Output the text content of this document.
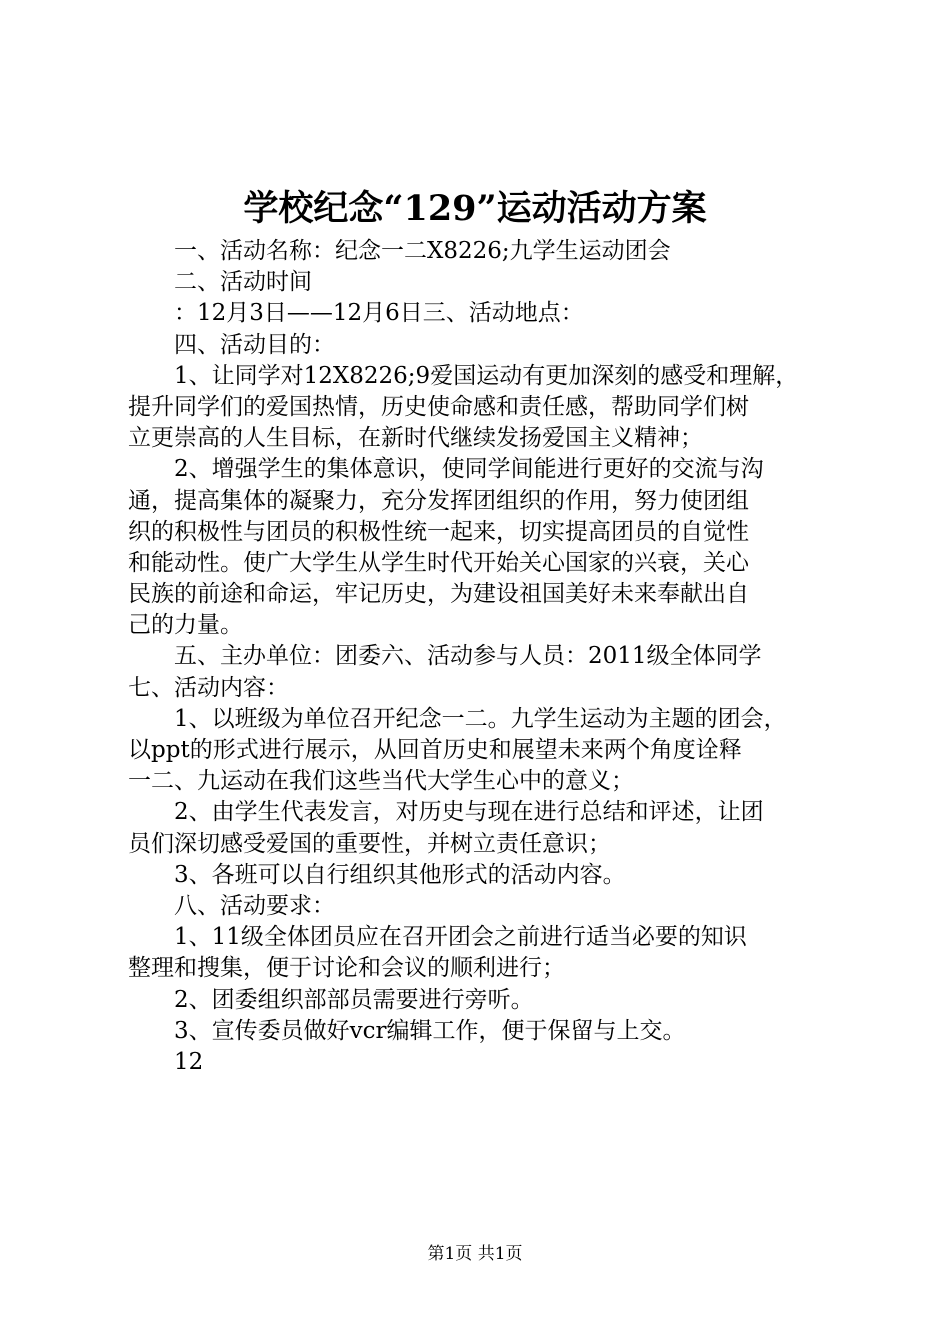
学校纪念“129”运动活动方案
一、活动名称：纪念一二X8226;九学生运动团会
二、活动时间
：12月3日——12月6日三、活动地点：
四、活动目的：
1、让同学对12X8226;9爱国运动有更加深刻的感受和理解，
提升同学们的爱国热情，历史使命感和责任感，帮助同学们树
立更崇高的人生目标，在新时代继续发扬爱国主义精神；
2、增强学生的集体意识，使同学间能进行更好的交流与沟
通，提高集体的凝聚力，充分发挥团组织的作用，努力使团组
织的积极性与团员的积极性统一起来，切实提高团员的自觉性
和能动性。使广大学生从学生时代开始关心国家的兴衰，关心
民族的前途和命运，牢记历史，为建设祖国美好未来奉献出自
己的力量。
五、主办单位：团委六、活动参与人员：2011级全体同学
七、活动内容：
1、以班级为单位召开纪念一二。九学生运动为主题的团会，
以ppt的形式进行展示，从回首历史和展望未来两个角度诠释
一二、九运动在我们这些当代大学生心中的意义；
2、由学生代表发言，对历史与现在进行总结和评述，让团
员们深切感受爱国的重要性，并树立责任意识；
3、各班可以自行组织其他形式的活动内容。
八、活动要求：
1、11级全体团员应在召开团会之前进行适当必要的知识
整理和搜集，便于讨论和会议的顺利进行；
2、团委组织部部员需要进行旁听。
3、宣传委员做好vcr编辑工作，便于保留与上交。
12
第1页 共1页
